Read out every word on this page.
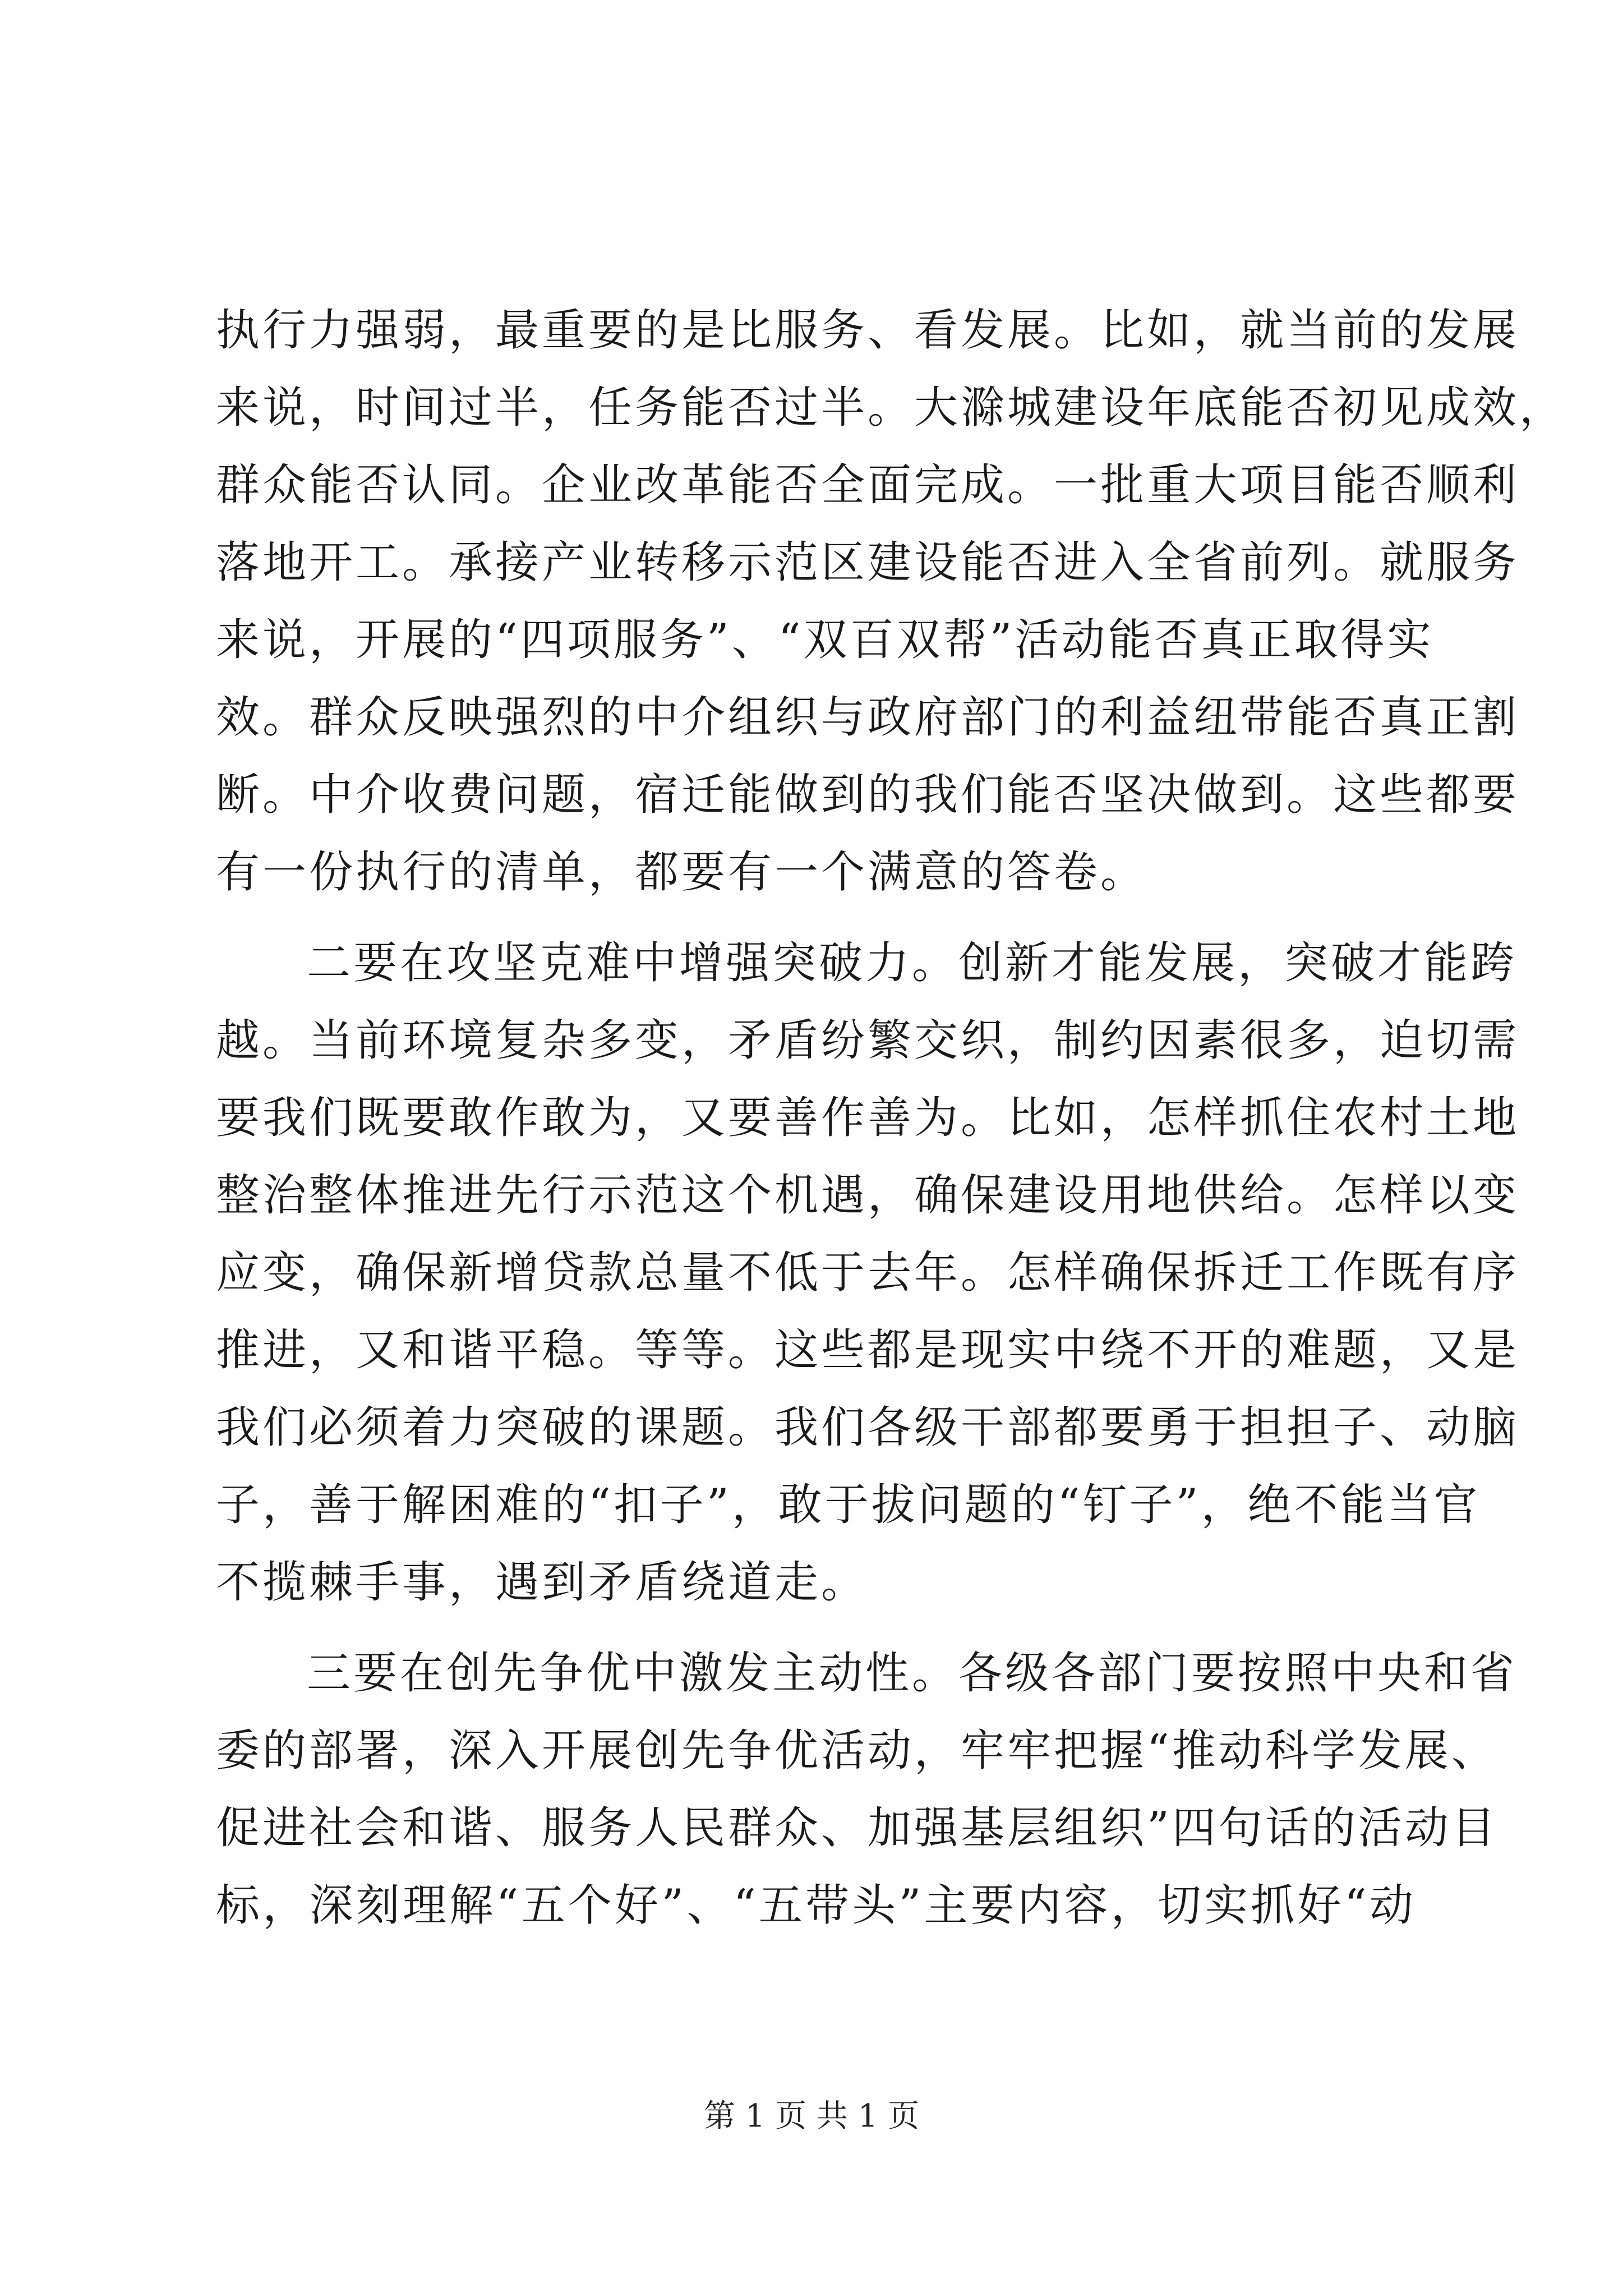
执行力强弱，最重要的是比服务、看发展。比如，就当前的发展
来说，时间过半，任务能否过半。大滁城建设年底能否初见成效，
群众能否认同。企业改革能否全面完成。一批重大项目能否顺利
落地开工。承接产业转移示范区建设能否进入全省前列。就服务
来说，开展的“四项服务”、“双百双帮”活动能否真正取得实
效。群众反映强烈的中介组织与政府部门的利益纽带能否真正割
断。中介收费问题，宿迁能做到的我们能否坚决做到。这些都要
有一份执行的清单，都要有一个满意的答卷。
二要在攻坚克难中增强突破力。创新才能发展，突破才能跨
越。当前环境复杂多变，矛盾纷繁交织，制约因素很多，迫切需
要我们既要敢作敢为，又要善作善为。比如，怎样抓住农村土地
整治整体推进先行示范这个机遇，确保建设用地供给。怎样以变
应变，确保新增贷款总量不低于去年。怎样确保拆迁工作既有序
推进，又和谐平稳。等等。这些都是现实中绕不开的难题，又是
我们必须着力突破的课题。我们各级干部都要勇于担担子、动脑
子，善于解困难的“扣子”，敢于拔问题的“钉子”，绝不能当官
不揽棘手事，遇到矛盾绕道走。
三要在创先争优中激发主动性。各级各部门要按照中央和省
委的部署，深入开展创先争优活动，牢牢把握“推动科学发展、
促进社会和谐、服务人民群众、加强基层组织”四句话的活动目
标，深刻理解“五个好”、“五带头”主要内容，切实抓好“动
第 1 页 共 1 页
